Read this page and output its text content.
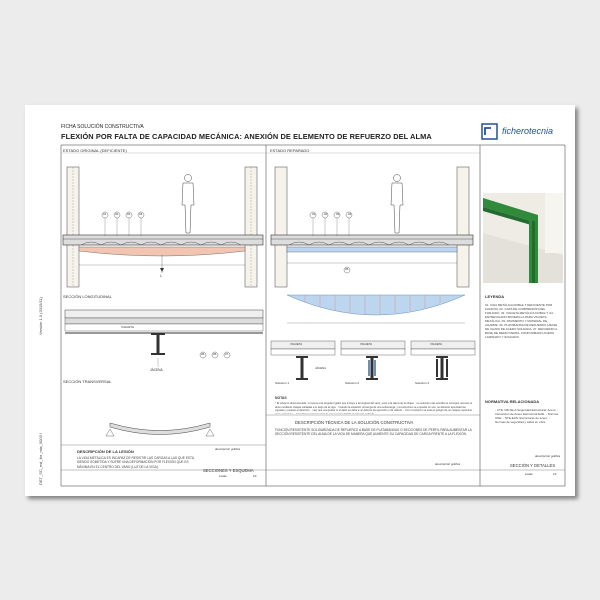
FICHA SOLUCIÓN CONSTRUCTIVA
FLEXIÓN POR FALTA DE CAPACIDAD MECÁNICA: ANEXIÓN DE ELEMENTO DE REFUERZO DEL ALMA
ficherotecnia
Versión 1.0 (2015/11)
DET_SC_est_for_mix_0003 /
ESTADO ORIGINAL (DEFICIENTE)
01	02	03	04
05	06	07
L
SECCIÓN LONGITUDINAL
VIGUETA
JÁCENA
SECCIÓN TRANSVERSAL
DESCRIPCIÓN DE LA LESIÓN
LA VIGA METÁLICA ES INCAPAZ DE RESISTIR LAS CARGAS A LAS QUE ESTÁ SIENDO SOMETIDA Y SUFRE UNA DEFORMACIÓN POR FLEXIÓN QUE ES MÁXIMA EN EL CENTRO DEL VANO (LUZ DE LA VIGA).
descripción gráfica
SECCIONES Y ESQUEMA
escala	1/F
ESTADO REPARADO
01	02	03	04
06
VIGUETA	VIGUETA	VIGUETA
JÁCENA
Solución 1	Solución 2	Solución 3
NOTAS
* El refuerzo dimensionado, si menos una singular rigidez que incluye a la longitud del vano, junto a la altura de la chapa. · La solución más sencilla se consigue recrecer el alma mediante chapas soldadas a lo largo de la viga. · Cuando la situación provenga de una sobrecarga, y la estructura va a quedar en uso, se deberán apuntalar las viguetas y evaluar el deterioro. · Hay que comprobar si el daño se debe a un defecto de ejecución o de cálculo. · Con el refuerzo se evita el peligro de un colapso repentino de la estructura. · Considerar el incremento de peso propio debido al refuerzo aplicado.
DESCRIPCIÓN TÉCNICA DE LA SOLUCIÓN CONSTRUCTIVA
FUNCIÓN RESISTENTE SOLIDARIZADA DE REFUERZO A BASE DE PLATABANDAS O SECCIONES DE PERFIL PARA AUMENTAR LA SECCIÓN RESISTENTE DEL ALMA DE LA VIGA DE MANERA QUE AUMENTE SU CAPACIDAD DE CARGA FRENTE A LA FLEXIÓN.
descripción gráfica
LEYENDA
01. VIGA METÁLICA DOBLE T DEFICIENTE POR FLEXIÓN. 02. CAPA DE COMPRESIÓN DEL FORJADO. 03. VIGUETA METÁLICA DOBLE T. 04. ENTREVIGADO BOVEDILLA PARA VIGUETA METÁLICA. 05. PAVIMENTO Y MATERIAL DE AGARRE. 06. PLATABANDA DE REFUERZO A BASE DE CHAPA DE ACERO SOLDADA. 07. REFUERZO A BASE DE MEDIO PERFIL CONFORMADO ACERO LAMINADO Y SOLDADO.
NORMATIVA RELACIONADA
- CTE. DB SE-A Seguridad Estructural: Acero. - Instrucción de Acero Estructural EAE. - Normas UNE. - NTE-EAS: Estructuras de acero. - Normas de seguridad y salud en obra.
descripción gráfica
SECCIÓN Y DETALLES
escala	1/F
